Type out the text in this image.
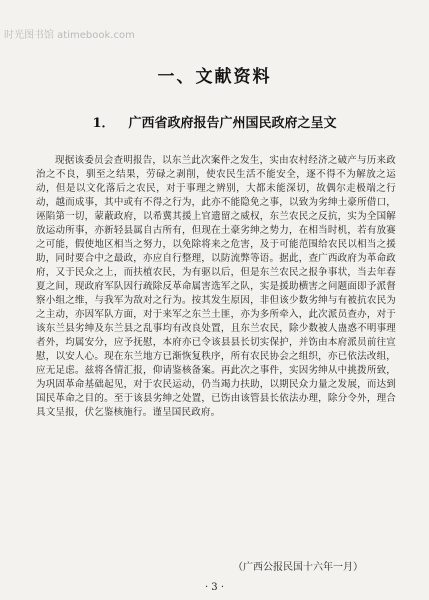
时光图书馆 atimebook.com
一、文献资料
1． 广西省政府报告广州国民政府之呈文
现据该委员会查明报告，以东兰此次案件之发生，实由农村经济之破产与历来政治之不良，驯至之结果，劳碌之剥削，使农民生活不能安全，逐不得不为解放之运动，但是以文化落后之农民，对于事理之辨别，大都未能深切，故偶尔走极端之行动，越而成事，其中或有不得之行为，此亦不能隐免之事，以致为劣绅土豪所借口，诬陷第一切，蒙蔽政府，以希冀其援上官遗留之威权，东兰农民之反抗，实为全国解放运动所事，亦新轻县属自古所有，但现在土豪劣绅之势力，在相当时机，若有放赛之可能，假使地区相当之努力，以免除将来之危害，及于可能范围给农民以相当之援助，同时要合中之最政，亦应自行整理，以防流弊等语。据此，查广西政府为革命政府，又于民众之上，而扶植农民，为有驱以后，但是东兰农民之报争事状，当去年春夏之间，现政府军队因行疏除反革命属害选军之队，实是援助横害之问题面即予派督察小组之维，与我军为敌对之行为。按其发生原因，非但该少数劣绅与有被抗农民为之主动，亦因军队方面，对于来军之东兰土匪，亦为多所牵入，此次派员查办，对于该东兰县劣绅及东兰县之乱事均有改良处置，且东兰农民，除少数被人蛊惑不明事理者外，均属安分，应予抚慰，本府亦已令该县县长切实保护，并饬由本府派员前往宣慰，以安人心。现在东兰地方已渐恢复秩序，所有农民协会之组织，亦已依法改组，应无足虑。兹将各情汇报，仰请鉴核备案。再此次之事件，实因劣绅从中挑拨所致，为巩固革命基础起见，对于农民运动，仍当竭力扶助，以期民众力量之发展，而达到国民革命之目的。至于该县劣绅之处置，已饬由该管县长依法办理，除分令外，理合具文呈报，伏乞鉴核施行。谨呈国民政府。
（广西公报民国十六年一月）
· 3 ·
